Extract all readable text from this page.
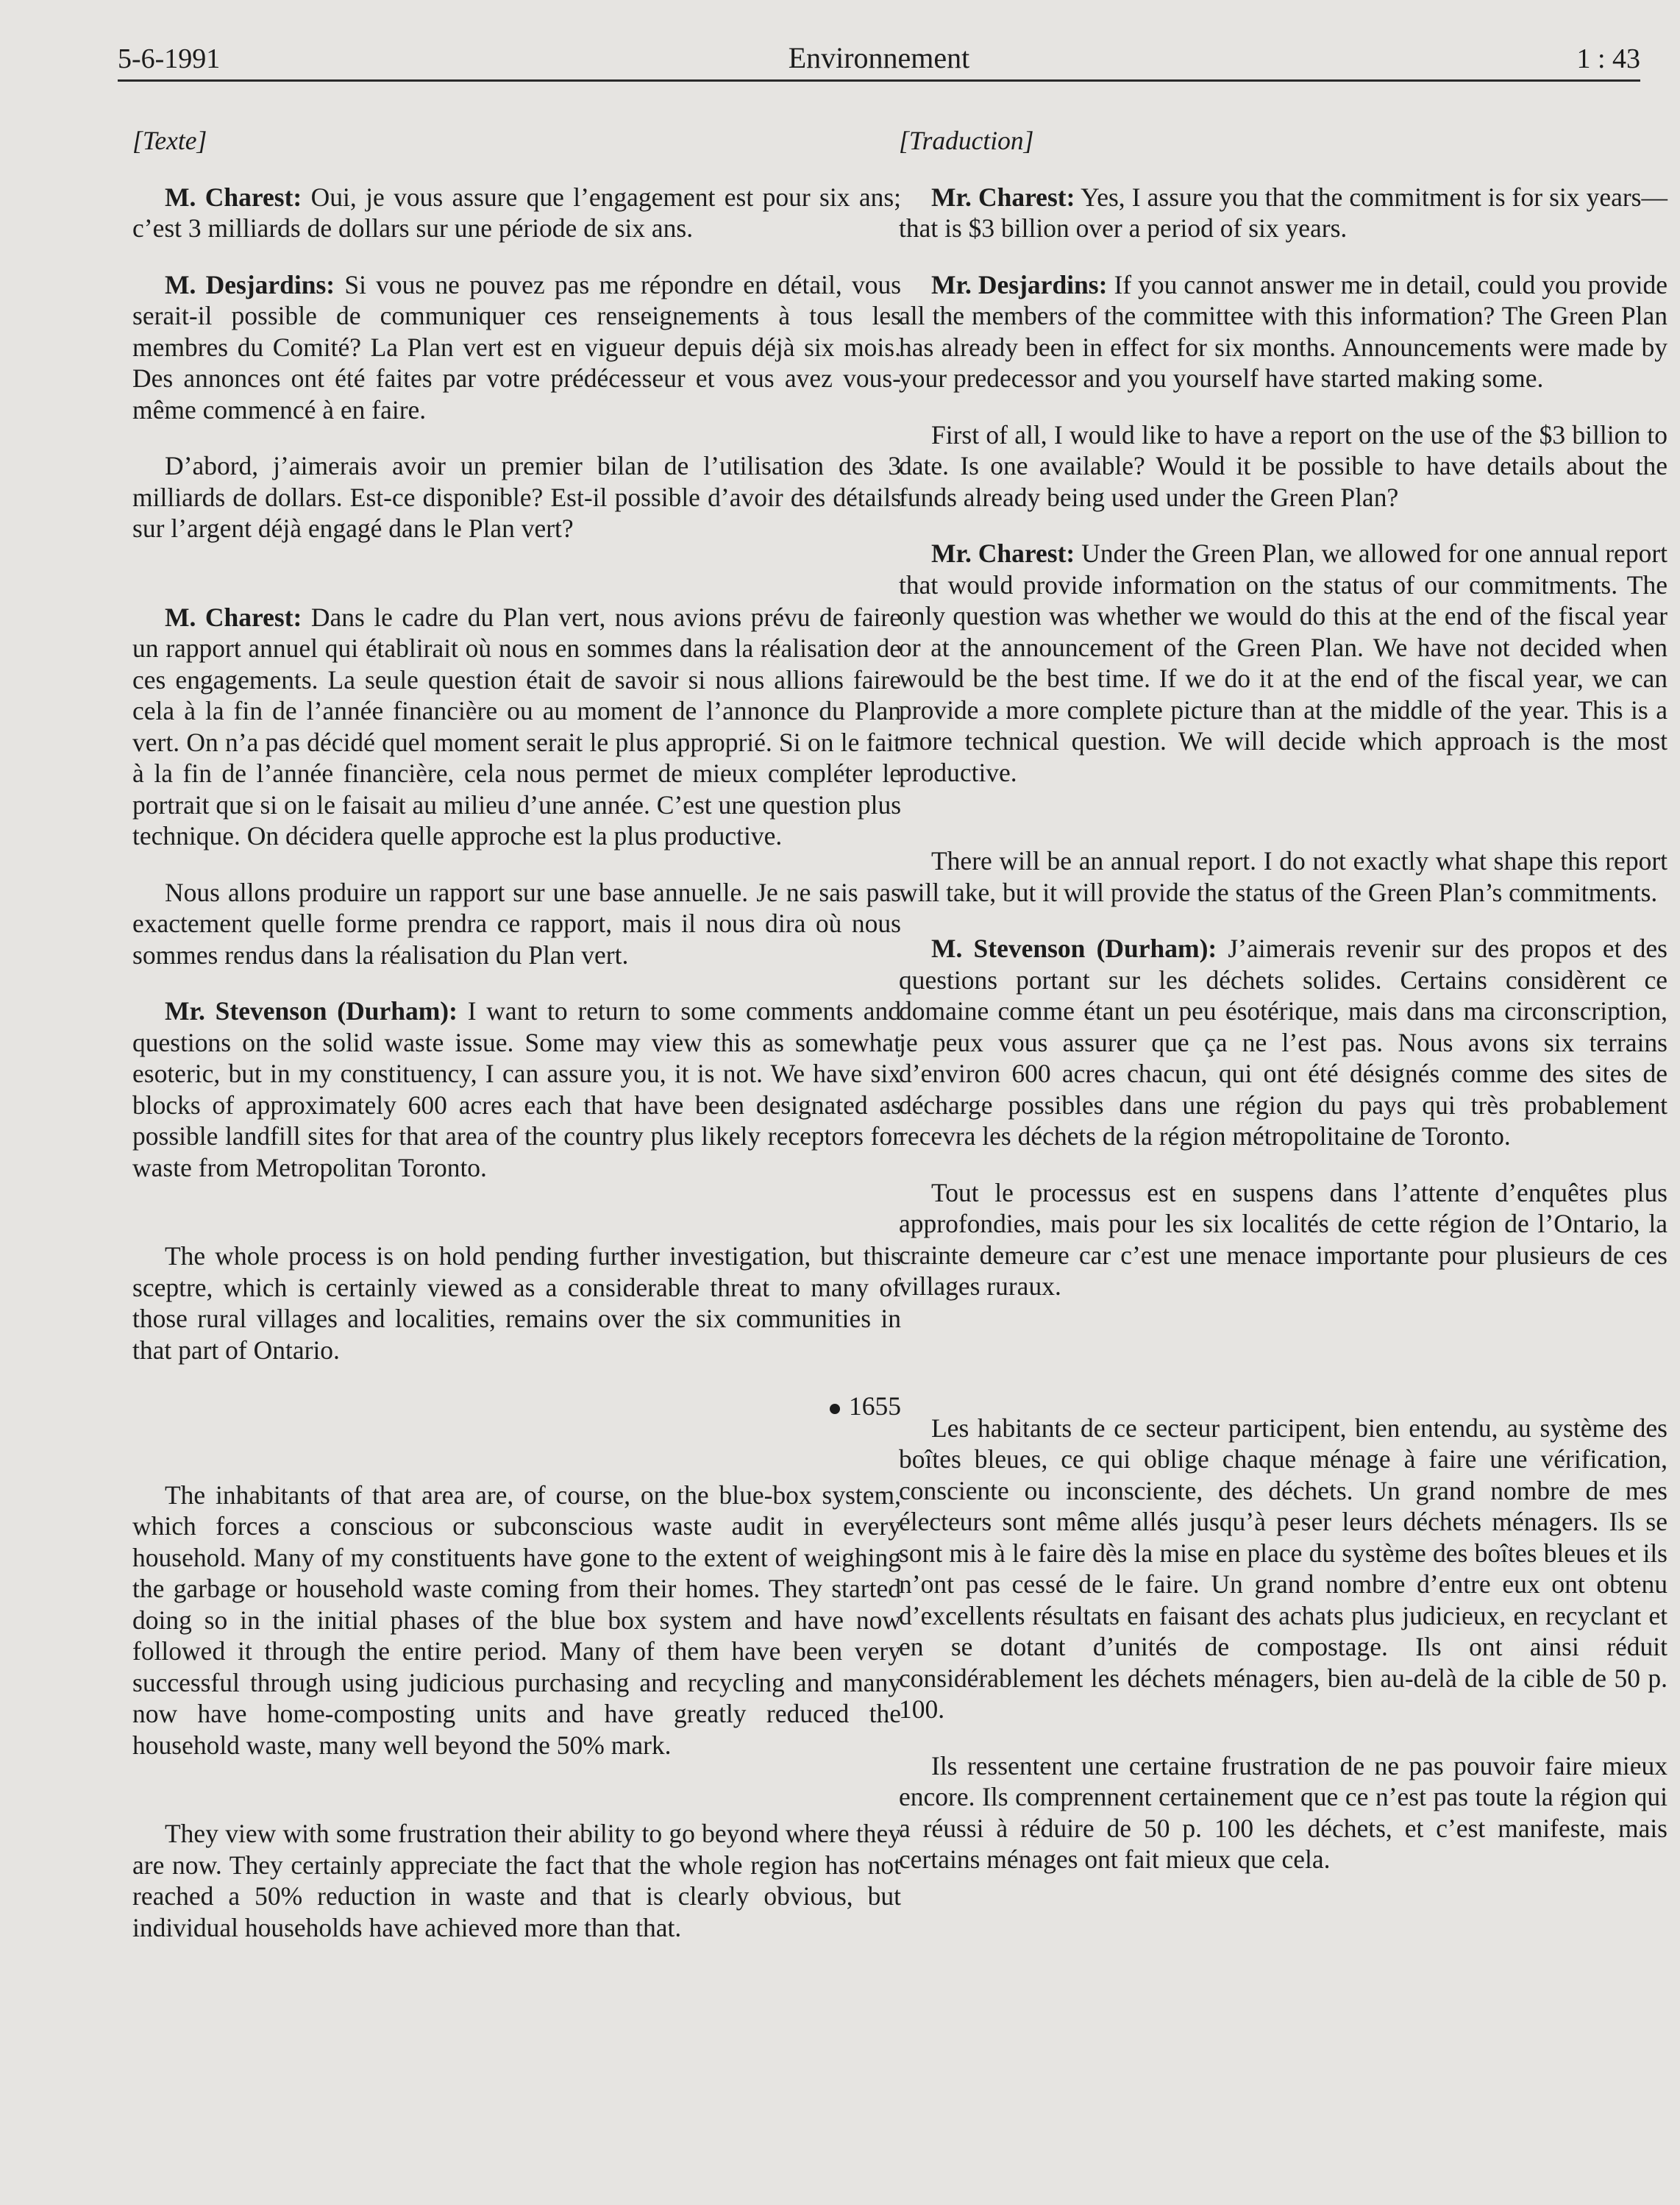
5-6-1991	Environnement	1 : 43

[Texte]

M. Charest: Oui, je vous assure que l’engagement est pour six ans; c’est 3 milliards de dollars sur une période de six ans.

M. Desjardins: Si vous ne pouvez pas me répondre en détail, vous serait-il possible de communiquer ces renseignements à tous les membres du Comité? La Plan vert est en vigueur depuis déjà six mois. Des annonces ont été faites par votre prédécesseur et vous avez vous-même commencé à en faire.

D’abord, j’aimerais avoir un premier bilan de l’utilisation des 3 milliards de dollars. Est-ce disponible? Est-il possible d’avoir des détails sur l’argent déjà engagé dans le Plan vert?

M. Charest: Dans le cadre du Plan vert, nous avions prévu de faire un rapport annuel qui établirait où nous en sommes dans la réalisation de ces engagements. La seule question était de savoir si nous allions faire cela à la fin de l’année financière ou au moment de l’annonce du Plan vert. On n’a pas décidé quel moment serait le plus approprié. Si on le fait à la fin de l’année financière, cela nous permet de mieux compléter le portrait que si on le faisait au milieu d’une année. C’est une question plus technique. On décidera quelle approche est la plus productive.

Nous allons produire un rapport sur une base annuelle. Je ne sais pas exactement quelle forme prendra ce rapport, mais il nous dira où nous sommes rendus dans la réalisation du Plan vert.

Mr. Stevenson (Durham): I want to return to some comments and questions on the solid waste issue. Some may view this as somewhat esoteric, but in my constituency, I can assure you, it is not. We have six blocks of approximately 600 acres each that have been designated as possible landfill sites for that area of the country plus likely receptors for waste from Metropolitan Toronto.

The whole process is on hold pending further investigation, but this sceptre, which is certainly viewed as a considerable threat to many of those rural villages and localities, remains over the six communities in that part of Ontario.

1655

The inhabitants of that area are, of course, on the blue-box system, which forces a conscious or subconscious waste audit in every household. Many of my constituents have gone to the extent of weighing the garbage or household waste coming from their homes. They started doing so in the initial phases of the blue box system and have now followed it through the entire period. Many of them have been very successful through using judicious purchasing and recycling and many now have home-composting units and have greatly reduced the household waste, many well beyond the 50% mark.

They view with some frustration their ability to go beyond where they are now. They certainly appreciate the fact that the whole region has not reached a 50% reduction in waste and that is clearly obvious, but individual households have achieved more than that.

[Traduction]

Mr. Charest: Yes, I assure you that the commitment is for six years—that is $3 billion over a period of six years.

Mr. Desjardins: If you cannot answer me in detail, could you provide all the members of the committee with this information? The Green Plan has already been in effect for six months. Announcements were made by your predecessor and you yourself have started making some.

First of all, I would like to have a report on the use of the $3 billion to date. Is one available? Would it be possible to have details about the funds already being used under the Green Plan?

Mr. Charest: Under the Green Plan, we allowed for one annual report that would provide information on the status of our commitments. The only question was whether we would do this at the end of the fiscal year or at the announcement of the Green Plan. We have not decided when would be the best time. If we do it at the end of the fiscal year, we can provide a more complete picture than at the middle of the year. This is a more technical question. We will decide which approach is the most productive.

There will be an annual report. I do not exactly what shape this report will take, but it will provide the status of the Green Plan’s commitments.

M. Stevenson (Durham): J’aimerais revenir sur des propos et des questions portant sur les déchets solides. Certains considèrent ce domaine comme étant un peu ésotérique, mais dans ma circonscription, je peux vous assurer que ça ne l’est pas. Nous avons six terrains d’environ 600 acres chacun, qui ont été désignés comme des sites de décharge possibles dans une région du pays qui très probablement recevra les déchets de la région métropolitaine de Toronto.

Tout le processus est en suspens dans l’attente d’enquêtes plus approfondies, mais pour les six localités de cette région de l’Ontario, la crainte demeure car c’est une menace importante pour plusieurs de ces villages ruraux.

Les habitants de ce secteur participent, bien entendu, au système des boîtes bleues, ce qui oblige chaque ménage à faire une vérification, consciente ou inconsciente, des déchets. Un grand nombre de mes électeurs sont même allés jusqu’à peser leurs déchets ménagers. Ils se sont mis à le faire dès la mise en place du système des boîtes bleues et ils n’ont pas cessé de le faire. Un grand nombre d’entre eux ont obtenu d’excellents résultats en faisant des achats plus judicieux, en recyclant et en se dotant d’unités de compostage. Ils ont ainsi réduit considérablement les déchets ménagers, bien au-delà de la cible de 50 p. 100.

Ils ressentent une certaine frustration de ne pas pouvoir faire mieux encore. Ils comprennent certainement que ce n’est pas toute la région qui a réussi à réduire de 50 p. 100 les déchets, et c’est manifeste, mais certains ménages ont fait mieux que cela.
